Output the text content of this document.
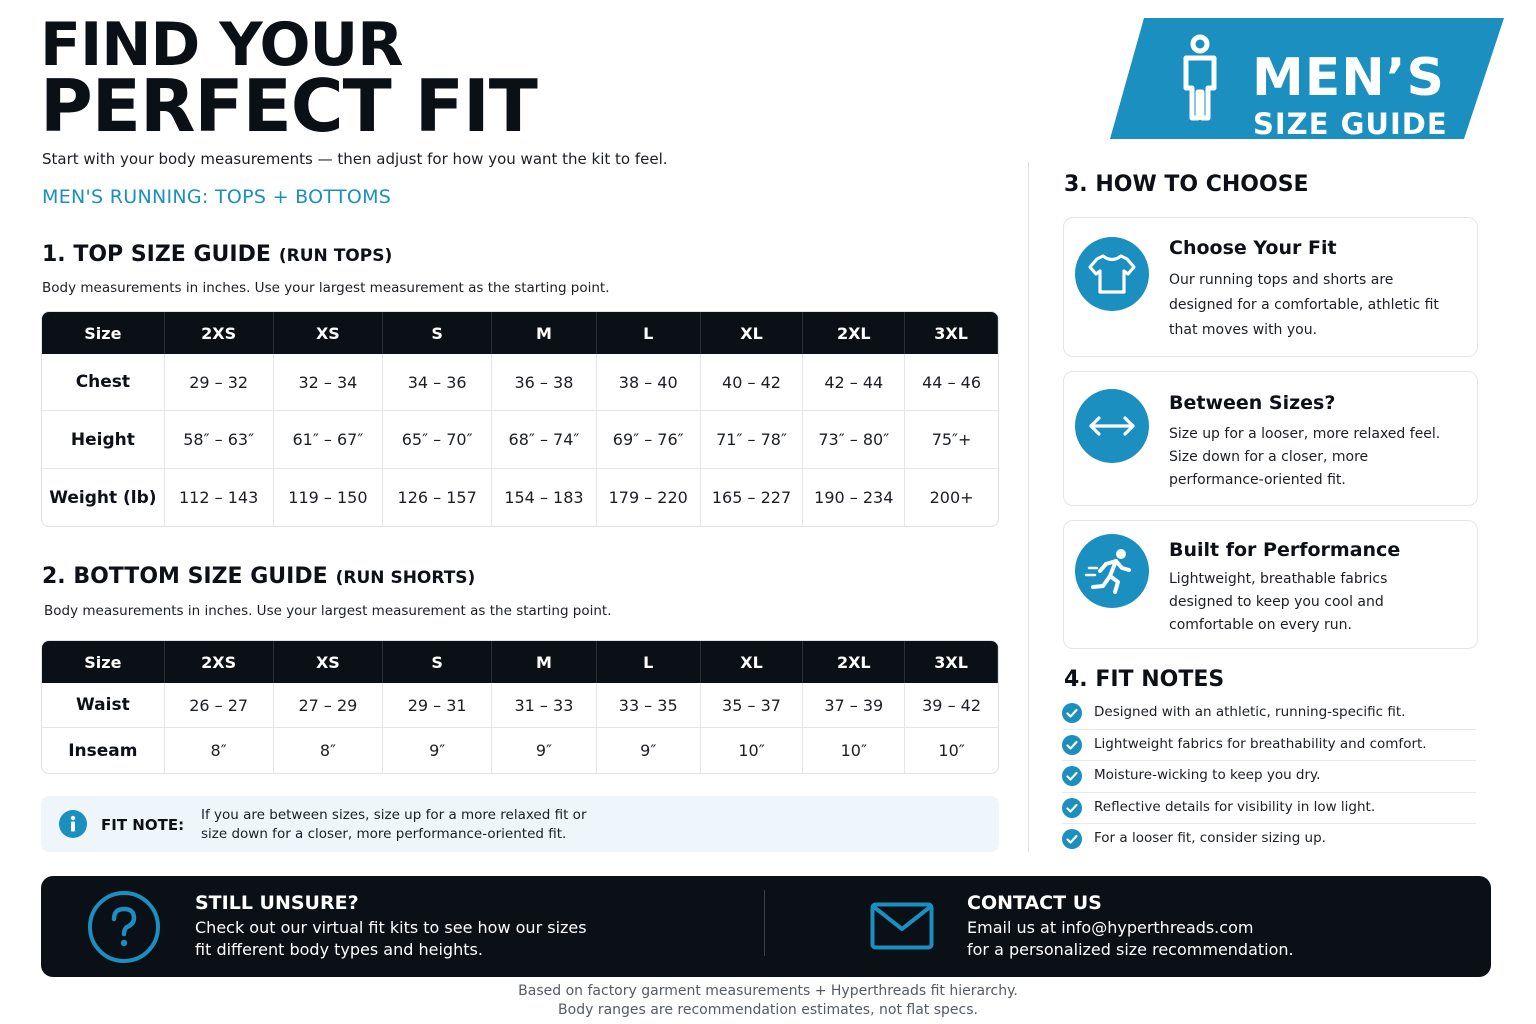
FIND YOUR
PERFECT FIT
Start with your body measurements — then adjust for how you want the kit to feel.
MEN'S RUNNING: TOPS + BOTTOMS
MEN’S
SIZE GUIDE
1. TOP SIZE GUIDE (RUN TOPS)
Body measurements in inches. Use your largest measurement as the starting point.
Size	2XS	XS	S	M	L	XL	2XL	3XL
Chest	29 – 32	32 – 34	34 – 36	36 – 38	38 – 40	40 – 42	42 – 44	44 – 46
Height	58″ – 63″	61″ – 67″	65″ – 70″	68″ – 74″	69″ – 76″	71″ – 78″	73″ – 80″	75″+
Weight (lb)	112 – 143	119 – 150	126 – 157	154 – 183	179 – 220	165 – 227	190 – 234	200+
2. BOTTOM SIZE GUIDE (RUN SHORTS)
Body measurements in inches. Use your largest measurement as the starting point.
Size	2XS	XS	S	M	L	XL	2XL	3XL
Waist	26 – 27	27 – 29	29 – 31	31 – 33	33 – 35	35 – 37	37 – 39	39 – 42
Inseam	8″	8″	9″	9″	9″	10″	10″	10″
FIT NOTE:
If you are between sizes, size up for a more relaxed fit or
size down for a closer, more performance-oriented fit.
3. HOW TO CHOOSE
Choose Your Fit
Our running tops and shorts are
designed for a comfortable, athletic fit
that moves with you.
Between Sizes?
Size up for a looser, more relaxed feel.
Size down for a closer, more
performance-oriented fit.
Built for Performance
Lightweight, breathable fabrics
designed to keep you cool and
comfortable on every run.
4. FIT NOTES
Designed with an athletic, running-specific fit.
Lightweight fabrics for breathability and comfort.
Moisture-wicking to keep you dry.
Reflective details for visibility in low light.
For a looser fit, consider sizing up.
STILL UNSURE?
Check out our virtual fit kits to see how our sizes
fit different body types and heights.
CONTACT US
Email us at info@hyperthreads.com
for a personalized size recommendation.
Based on factory garment measurements + Hyperthreads fit hierarchy.
Body ranges are recommendation estimates, not flat specs.
